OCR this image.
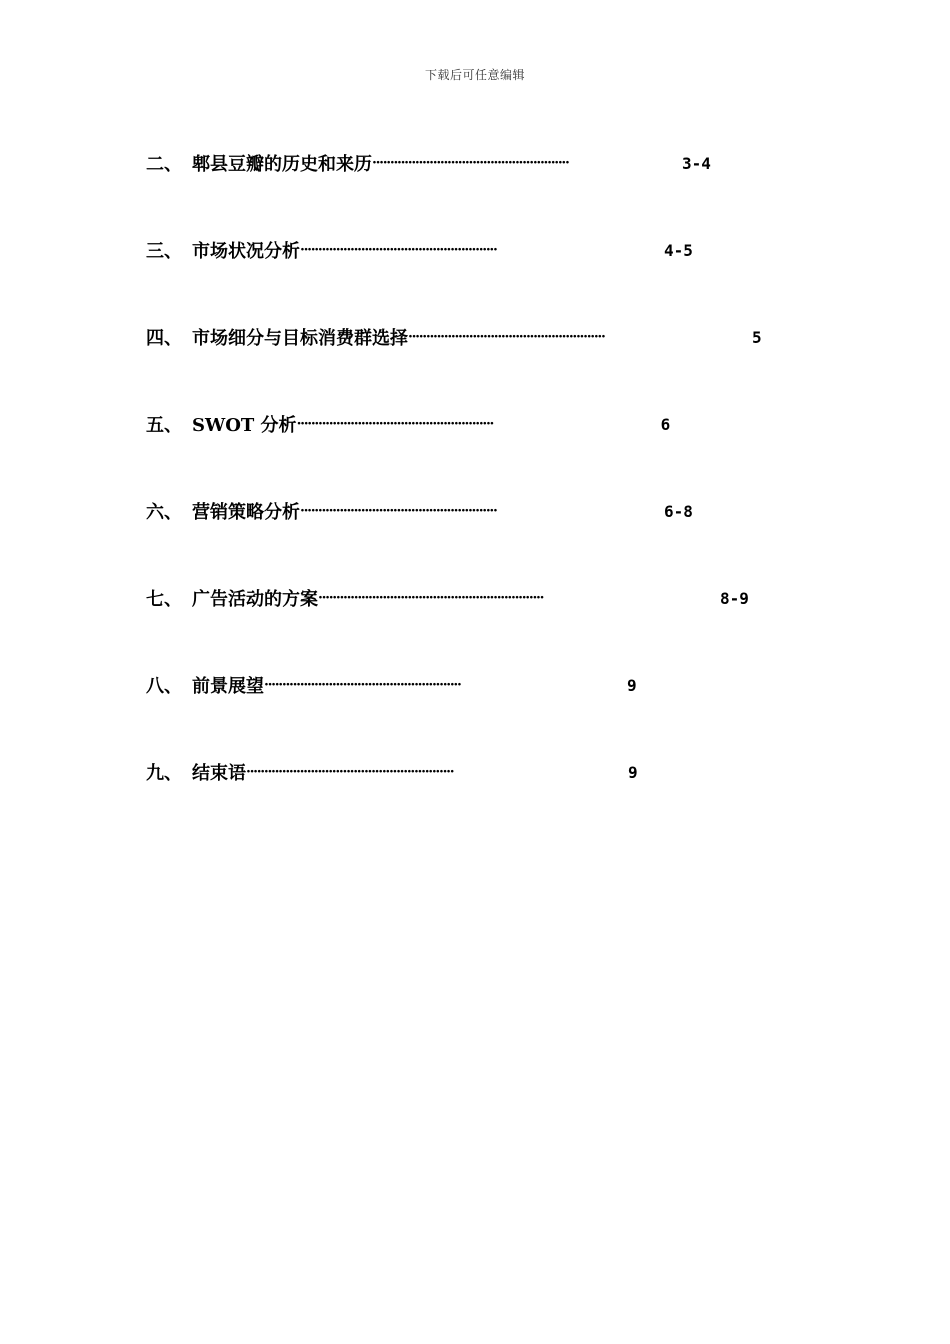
下载后可任意编辑
二、 郫县豆瓣的历史和来历 ·······················································	3-4
三、 市场状况分析 ·······················································	4-5
四、 市场细分与目标消费群选择 ·······················································	5
五、 SWOT 分析 ·······················································	6
六、 营销策略分析 ·······················································	6-8
七、 广告活动的方案 ·······························································	8-9
八、 前景展望 ·······················································	9
九、 结束语 ··························································	9
